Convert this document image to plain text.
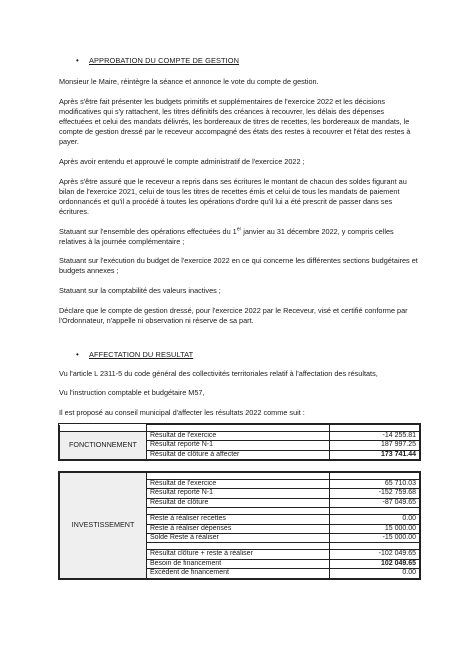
• APPROBATION DU COMPTE DE GESTION
Monsieur le Maire, réintègre la séance et annonce le vote du compte de gestion.
Après s'être fait présenter les budgets primitifs et supplémentaires de l'exercice 2022 et les décisions modificatives qui s'y rattachent, les titres définitifs des créances à recouvrer, les délais des dépenses effectuées et celui des mandats délivrés, les bordereaux de titres de recettes, les bordereaux de mandats, le compte de gestion dressé par le receveur accompagné des états des restes à recouvrer et l'état des restes à payer.
Après avoir entendu et approuvé le compte administratif de l'exercice 2022 ;
Après s'être assuré que le receveur a repris dans ses écritures le montant de chacun des soldes figurant au bilan de l'exercice 2021, celui de tous les titres de recettes émis et celui de tous les mandats de paiement ordonnancés et qu'il a procédé à toutes les opérations d'ordre qu'il lui a été prescrit de passer dans ses écritures.
Statuant sur l'ensemble des opérations effectuées du 1er janvier au 31 décembre 2022, y compris celles relatives à la journée complémentaire ;
Statuant sur l'exécution du budget de l'exercice 2022 en ce qui concerne les différentes sections budgétaires et budgets annexes ;
Statuant sur la comptabilité des valeurs inactives ;
Déclare que le compte de gestion dressé, pour l'exercice 2022 par le Receveur, visé et certifié conforme par l'Ordonnateur, n'appelle ni observation ni réserve de sa part.
• AFFECTATION DU RESULTAT
Vu l'article L 2311-5 du code général des collectivités territoriales relatif à l'affectation des résultats,
Vu l'instruction comptable et budgétaire M57,
Il est proposé au conseil municipal d'affecter les résultats 2022 comme suit :

FONCTIONNEMENT	Résultat de l'exercice	-14 255.81
	Résultat reporté N-1	187 997.25
	Résultat de clôture à affecter	173 741.44
INVESTISSEMENT		
	Résultat de l'exercice	65 710.03
	Résultat reporté N-1	-152 759.68
	Résultat de clôture	-87 049.65

	Reste à réaliser recettes	0.00
	Reste à réaliser dépenses	15 000.00
	Solde Reste à réaliser	-15 000.00

	Résultat clôture + reste à réaliser	-102 049.65
	Besoin de financement	102 049.65
	Excédent de financement	0.00
